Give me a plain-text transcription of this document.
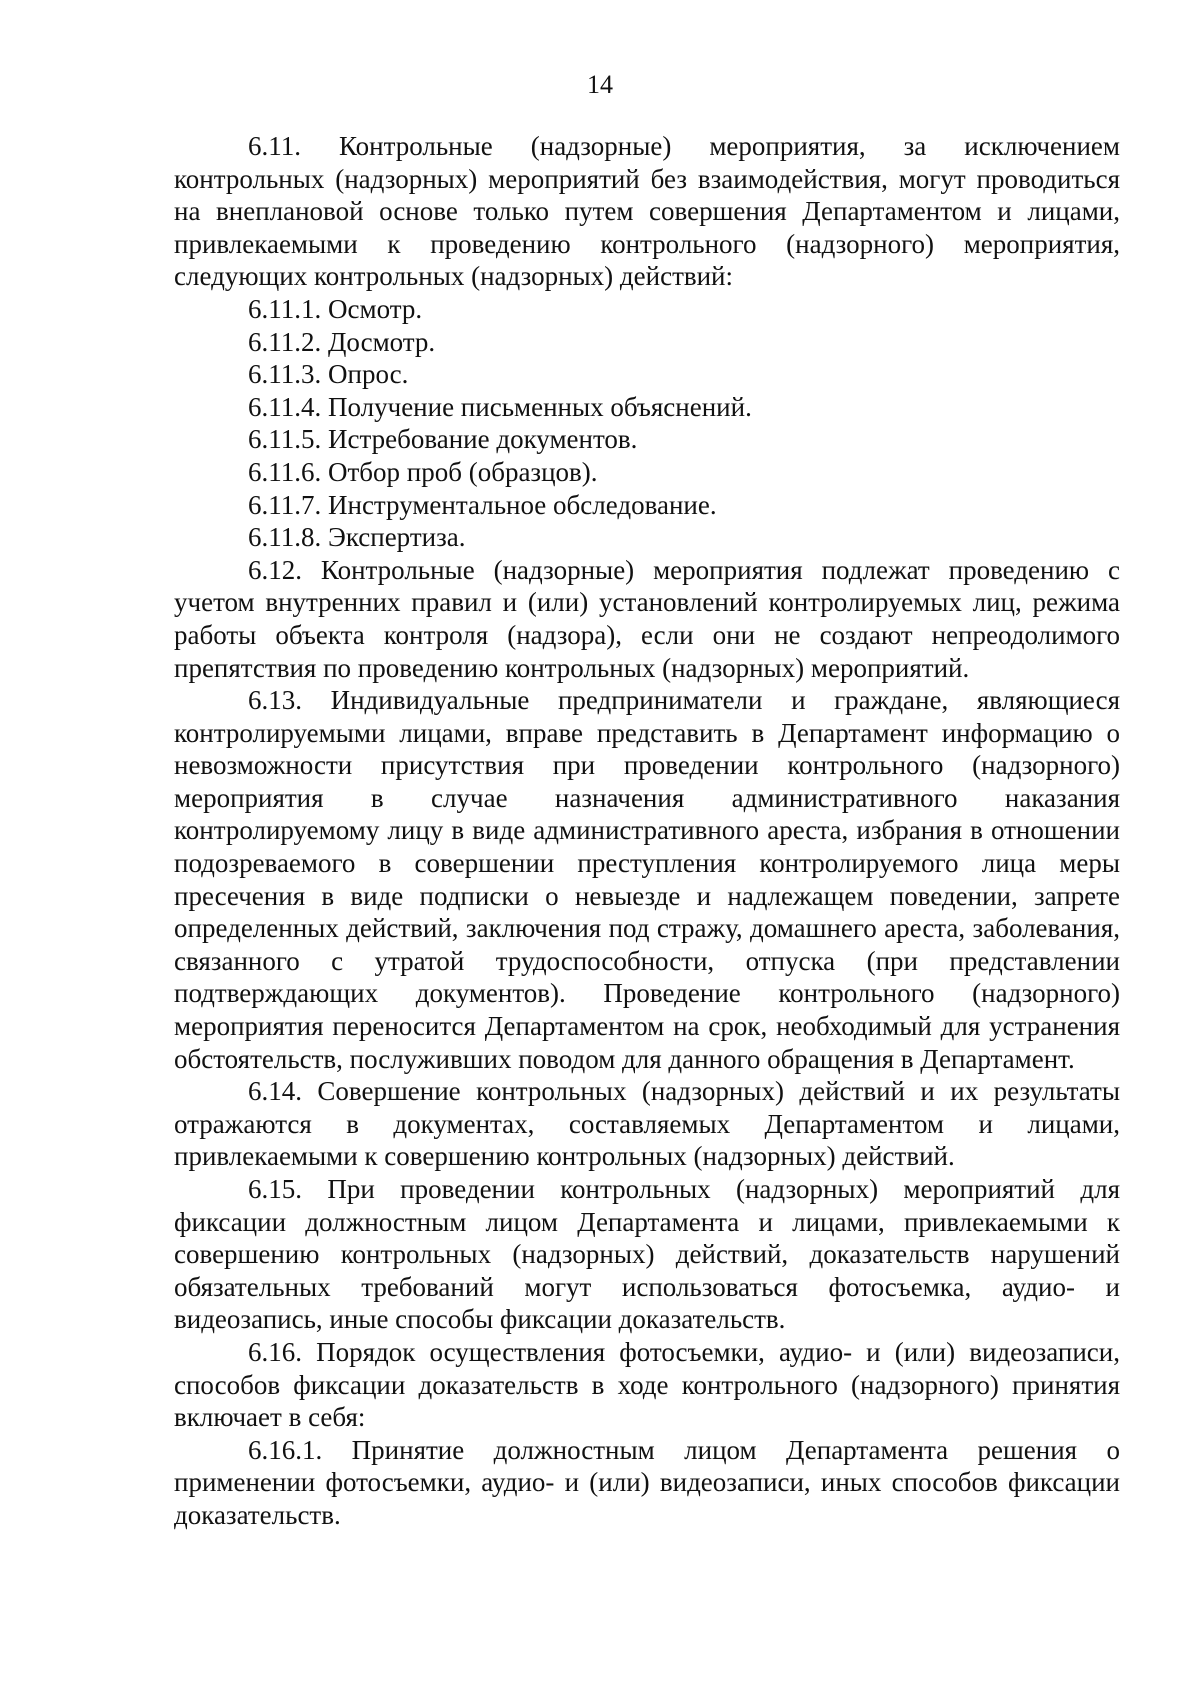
14

6.11. Контрольные (надзорные) мероприятия, за исключением контрольных (надзорных) мероприятий без взаимодействия, могут проводиться на внеплановой основе только путем совершения Департаментом и лицами, привлекаемыми к проведению контрольного (надзорного) мероприятия, следующих контрольных (надзорных) действий:

6.11.1. Осмотр.

6.11.2. Досмотр.

6.11.3. Опрос.

6.11.4. Получение письменных объяснений.

6.11.5. Истребование документов.

6.11.6. Отбор проб (образцов).

6.11.7. Инструментальное обследование.

6.11.8. Экспертиза.

6.12. Контрольные (надзорные) мероприятия подлежат проведению с учетом внутренних правил и (или) установлений контролируемых лиц, режима работы объекта контроля (надзора), если они не создают непреодолимого препятствия по проведению контрольных (надзорных) мероприятий.

6.13. Индивидуальные предприниматели и граждане, являющиеся контролируемыми лицами, вправе представить в Департамент информацию о невозможности присутствия при проведении контрольного (надзорного) мероприятия в случае назначения административного наказания контролируемому лицу в виде административного ареста, избрания в отношении подозреваемого в совершении преступления контролируемого лица меры пресечения в виде подписки о невыезде и надлежащем поведении, запрете определенных действий, заключения под стражу, домашнего ареста, заболевания, связанного с утратой трудоспособности, отпуска (при представлении подтверждающих документов). Проведение контрольного (надзорного) мероприятия переносится Департаментом на срок, необходимый для устранения обстоятельств, послуживших поводом для данного обращения в Департамент.

6.14. Совершение контрольных (надзорных) действий и их результаты отражаются в документах, составляемых Департаментом и лицами, привлекаемыми к совершению контрольных (надзорных) действий.

6.15. При проведении контрольных (надзорных) мероприятий для фиксации должностным лицом Департамента и лицами, привлекаемыми к совершению контрольных (надзорных) действий, доказательств нарушений обязательных требований могут использоваться фотосъемка, аудио- и видеозапись, иные способы фиксации доказательств.

6.16. Порядок осуществления фотосъемки, аудио- и (или) видеозаписи, способов фиксации доказательств в ходе контрольного (надзорного) принятия включает в себя:

6.16.1. Принятие должностным лицом Департамента решения о применении фотосъемки, аудио- и (или) видеозаписи, иных способов фиксации доказательств.
